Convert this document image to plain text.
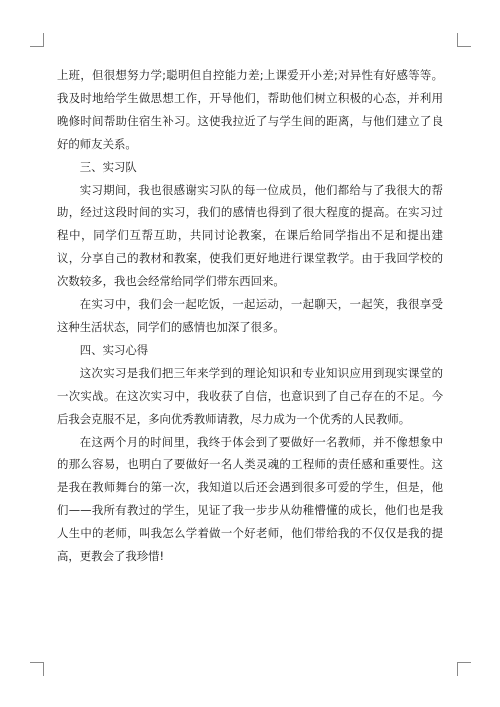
上班，但很想努力学;聪明但自控能力差;上课爱开小差;对异性有好感等等。我及时地给学生做思想工作，开导他们，帮助他们树立积极的心态，并利用晚修时间帮助住宿生补习。这使我拉近了与学生间的距离，与他们建立了良好的师友关系。

三、实习队

实习期间，我也很感谢实习队的每一位成员，他们都给与了我很大的帮助，经过这段时间的实习，我们的感情也得到了很大程度的提高。在实习过程中，同学们互帮互助，共同讨论教案，在课后给同学指出不足和提出建议，分享自己的教材和教案，使我们更好地进行课堂教学。由于我回学校的次数较多，我也会经常给同学们带东西回来。

在实习中，我们会一起吃饭，一起运动，一起聊天，一起笑，我很享受这种生活状态，同学们的感情也加深了很多。

四、实习心得

这次实习是我们把三年来学到的理论知识和专业知识应用到现实课堂的一次实战。在这次实习中，我收获了自信，也意识到了自己存在的不足。今后我会克服不足，多向优秀教师请教，尽力成为一个优秀的人民教师。

在这两个月的时间里，我终于体会到了要做好一名教师，并不像想象中的那么容易，也明白了要做好一名人类灵魂的工程师的责任感和重要性。这是我在教师舞台的第一次，我知道以后还会遇到很多可爱的学生，但是，他们——我所有教过的学生，见证了我一步步从幼稚懵懂的成长，他们也是我人生中的老师，叫我怎么学着做一个好老师，他们带给我的不仅仅是我的提高，更教会了我珍惜!
